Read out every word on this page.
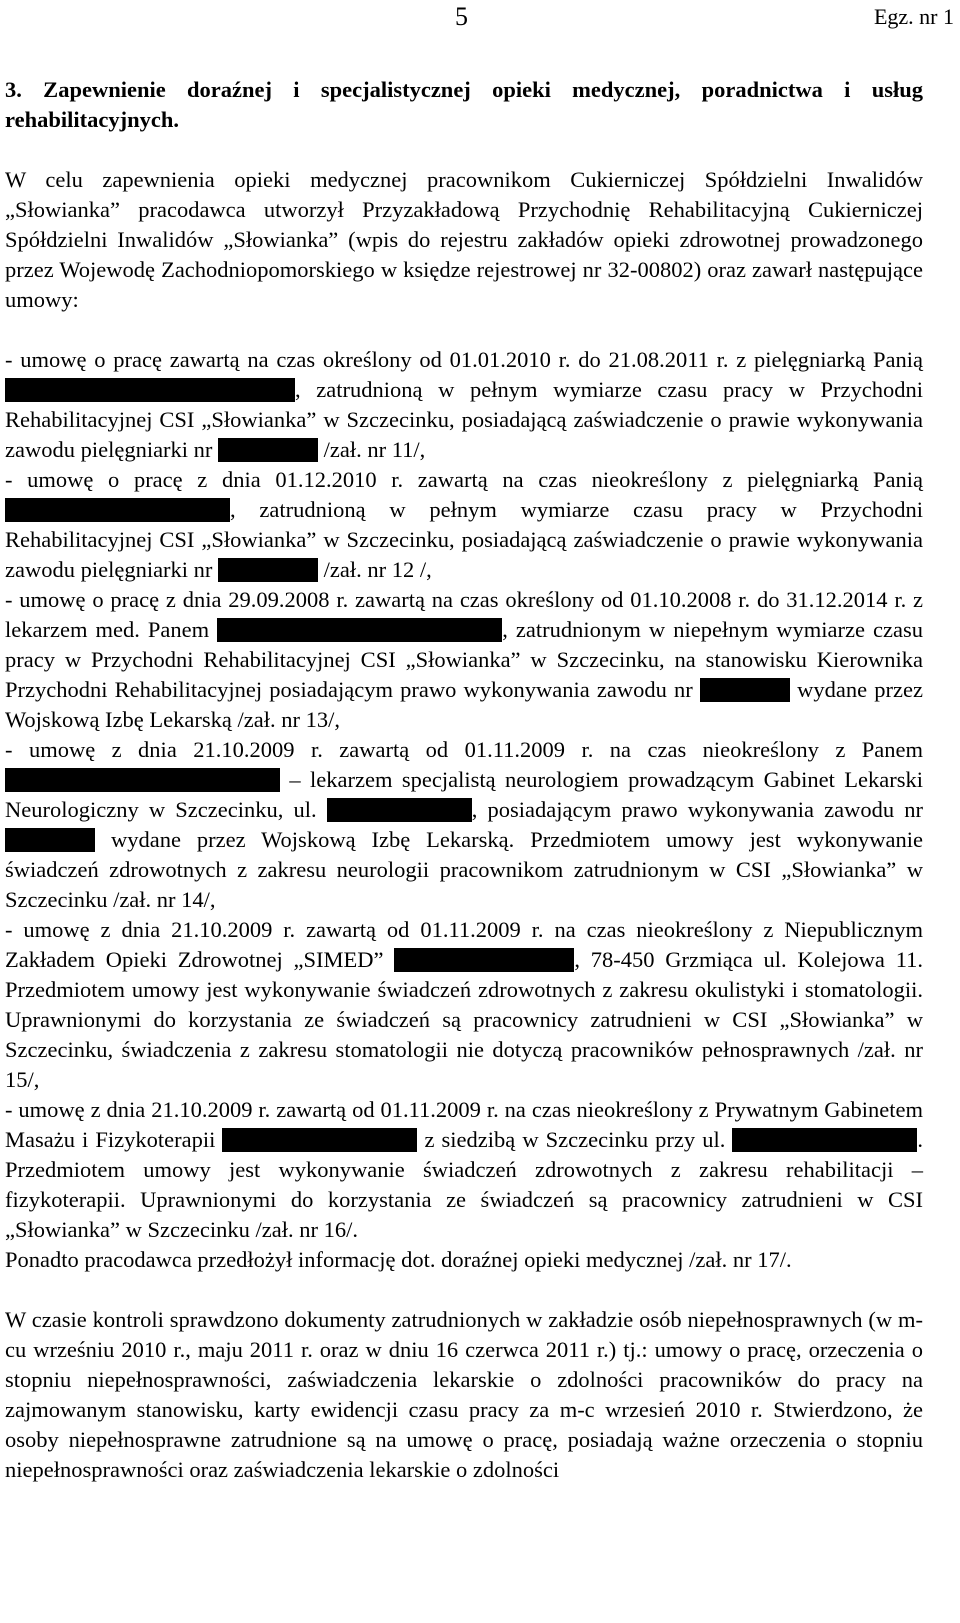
5	Egz. nr 1

3. Zapewnienie doraźnej i specjalistycznej opieki medycznej, poradnictwa i usług rehabilitacyjnych.

W celu zapewnienia opieki medycznej pracownikom Cukierniczej Spółdzielni Inwalidów „Słowianka” pracodawca utworzył Przyzakładową Przychodnię Rehabilitacyjną Cukierniczej Spółdzielni Inwalidów „Słowianka” (wpis do rejestru zakładów opieki zdrowotnej prowadzonego przez Wojewodę Zachodniopomorskiego w księdze rejestrowej nr 32-00802) oraz zawarł następujące umowy:

- umowę o pracę zawartą na czas określony od 01.01.2010 r. do 21.08.2011 r. z pielęgniarką Panią , zatrudnioną w pełnym wymiarze czasu pracy w Przychodni Rehabilitacyjnej CSI „Słowianka” w Szczecinku, posiadającą zaświadczenie o prawie wykonywania zawodu pielęgniarki nr	/zał. nr 11/,

- umowę o pracę z dnia 01.12.2010 r. zawartą na czas nieokreślony z pielęgniarką Panią , zatrudnioną w pełnym wymiarze czasu pracy w Przychodni Rehabilitacyjnej CSI „Słowianka” w Szczecinku, posiadającą zaświadczenie o prawie wykonywania zawodu pielęgniarki nr	/zał. nr 12 /,

- umowę o pracę z dnia 29.09.2008 r. zawartą na czas określony od 01.10.2008 r. do 31.12.2014 r. z lekarzem med. Panem	, zatrudnionym w niepełnym wymiarze czasu pracy w Przychodni Rehabilitacyjnej CSI „Słowianka” w Szczecinku, na stanowisku Kierownika Przychodni Rehabilitacyjnej posiadającym prawo wykonywania zawodu nr	wydane przez Wojskową Izbę Lekarską /zał. nr 13/,

- umowę z dnia 21.10.2009 r. zawartą od 01.11.2009 r. na czas nieokreślony z Panem  – lekarzem specjalistą neurologiem prowadzącym Gabinet Lekarski Neurologiczny w Szczecinku, ul.	, posiadającym prawo wykonywania zawodu nr  wydane przez Wojskową Izbę Lekarską. Przedmiotem umowy jest wykonywanie świadczeń zdrowotnych z zakresu neurologii pracownikom zatrudnionym w CSI „Słowianka” w Szczecinku /zał. nr 14/,

- umowę z dnia 21.10.2009 r. zawartą od 01.11.2009 r. na czas nieokreślony z Niepublicznym Zakładem Opieki Zdrowotnej „SIMED”	, 78-450 Grzmiąca ul. Kolejowa 11. Przedmiotem umowy jest wykonywanie świadczeń zdrowotnych z zakresu okulistyki i stomatologii. Uprawnionymi do korzystania ze świadczeń są pracownicy zatrudnieni w CSI „Słowianka” w Szczecinku, świadczenia z zakresu stomatologii nie dotyczą pracowników pełnosprawnych /zał. nr 15/,

- umowę z dnia 21.10.2009 r. zawartą od 01.11.2009 r. na czas nieokreślony z Prywatnym Gabinetem Masażu i Fizykoterapii	z siedzibą w Szczecinku przy ul.	. Przedmiotem umowy jest wykonywanie świadczeń zdrowotnych z zakresu rehabilitacji – fizykoterapii. Uprawnionymi do korzystania ze świadczeń są pracownicy zatrudnieni w CSI „Słowianka” w Szczecinku /zał. nr 16/.

Ponadto pracodawca przedłożył informację dot. doraźnej opieki medycznej /zał. nr 17/.

W czasie kontroli sprawdzono dokumenty zatrudnionych w zakładzie osób niepełnosprawnych (w m-cu wrześniu 2010 r., maju 2011 r. oraz w dniu 16 czerwca 2011 r.) tj.: umowy o pracę, orzeczenia o stopniu niepełnosprawności, zaświadczenia lekarskie o zdolności pracowników do pracy na zajmowanym stanowisku, karty ewidencji czasu pracy za m-c wrzesień 2010 r. Stwierdzono, że osoby niepełnosprawne zatrudnione są na umowę o pracę, posiadają ważne orzeczenia o stopniu niepełnosprawności oraz zaświadczenia lekarskie o zdolności
